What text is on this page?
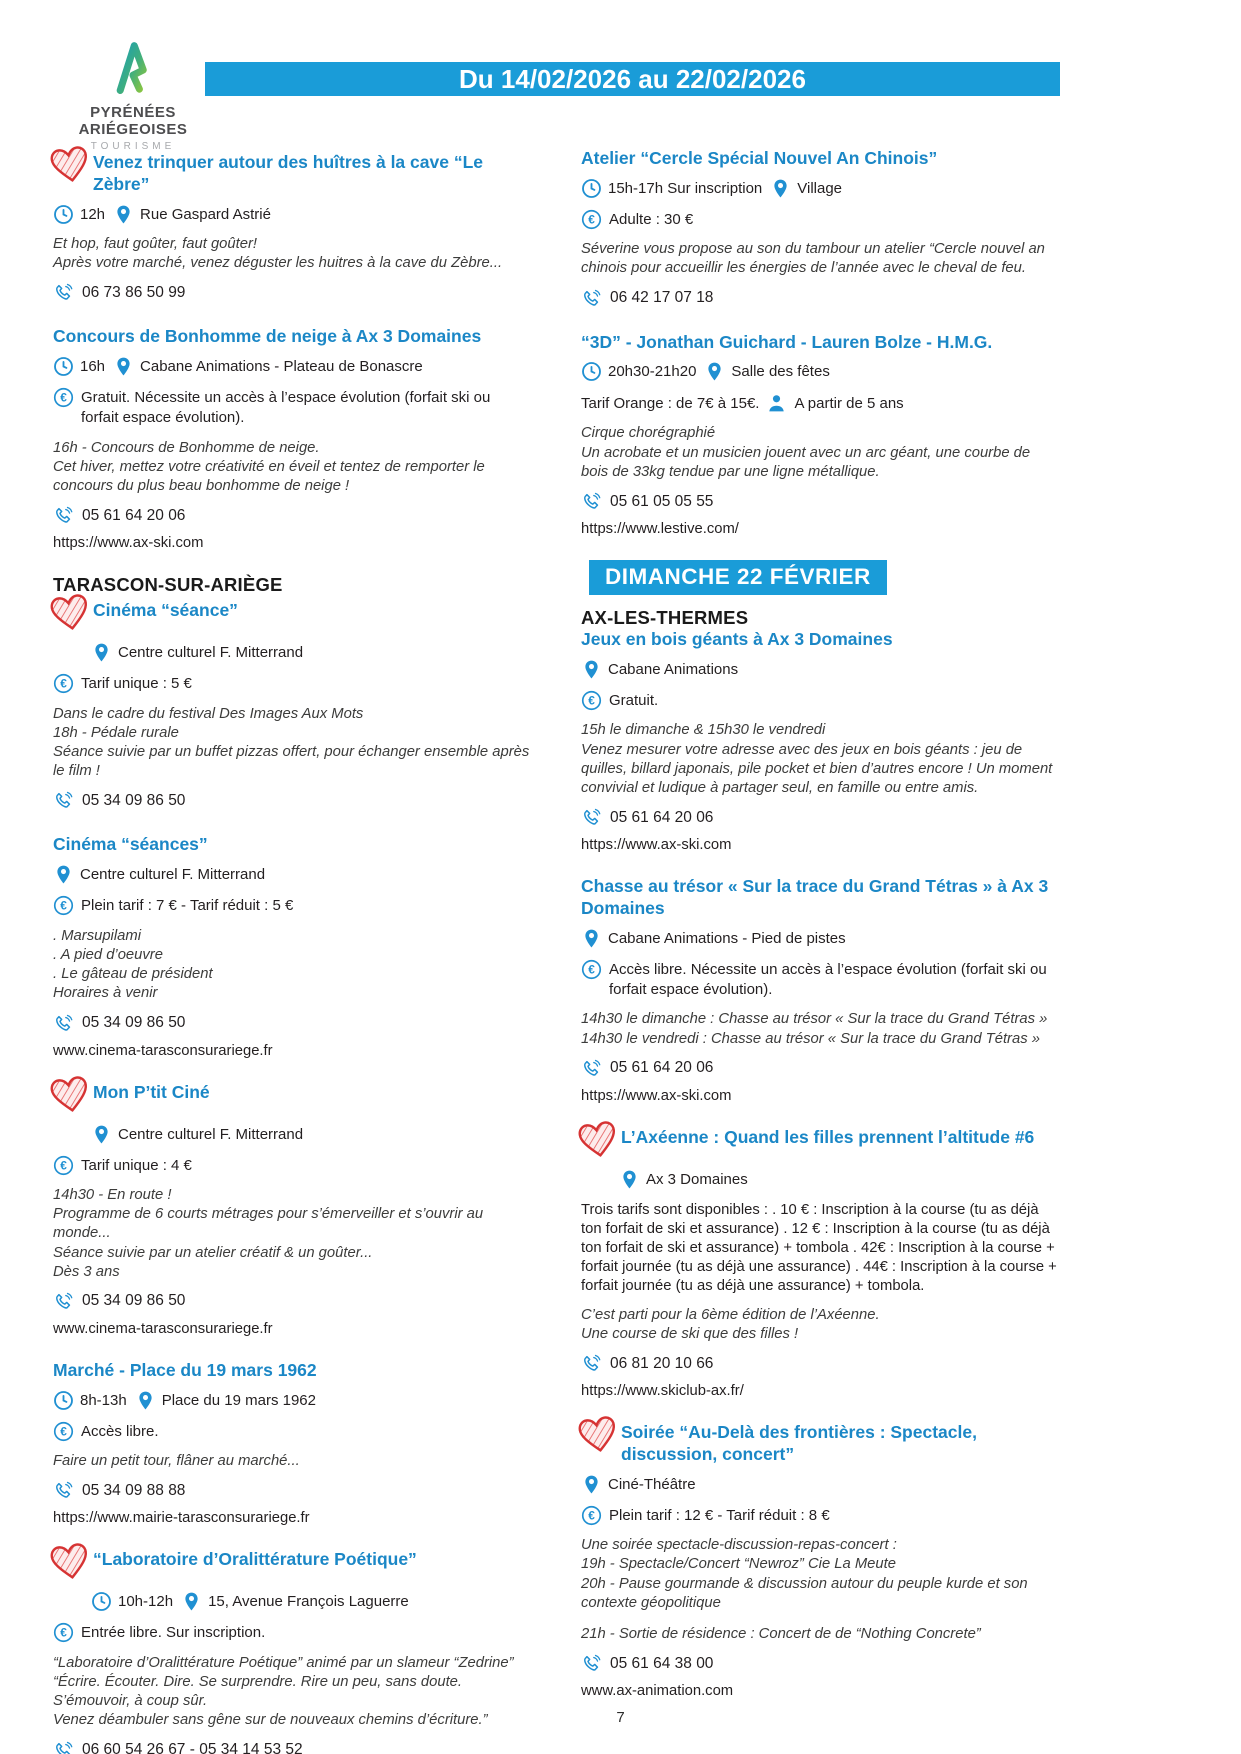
PYRÉNÉES
ARIÉGEOISES
TOURISME
Du 14/02/2026 au 22/02/2026
Venez trinquer autour des huîtres à la cave “Le Zèbre”
12h Rue Gaspard Astrié

Et hop, faut goûter, faut goûter!

Après votre marché, venez déguster les huitres à la cave du Zèbre...

06 73 86 50 99
Concours de Bonhomme de neige à Ax 3 Domaines
16h Cabane Animations - Plateau de Bonascre
€ Gratuit. Nécessite un accès à l’espace évolution (forfait ski ou forfait espace évolution).

16h - Concours de Bonhomme de neige.

Cet hiver, mettez votre créativité en éveil et tentez de remporter le concours du plus beau bonhomme de neige !

05 61 64 20 06
https://www.ax-ski.com
TARASCON-SUR-ARIÈGE
Cinéma “séance”
Centre culturel F. Mitterrand
€ Tarif unique : 5 €

Dans le cadre du festival Des Images Aux Mots

18h - Pédale rurale

Séance suivie par un buffet pizzas offert, pour échanger ensemble après le film !

05 34 09 86 50
Cinéma “séances”
Centre culturel F. Mitterrand
€ Plein tarif : 7 € - Tarif réduit : 5 €

. Marsupilami

. A pied d’oeuvre

. Le gâteau de président

Horaires à venir

05 34 09 86 50
www.cinema-tarasconsurariege.fr
Mon P’tit Ciné
Centre culturel F. Mitterrand
€ Tarif unique : 4 €

14h30 - En route !

Programme de 6 courts métrages pour s’émerveiller et s’ouvrir au monde...

Séance suivie par un atelier créatif & un goûter...

Dès 3 ans

05 34 09 86 50
www.cinema-tarasconsurariege.fr
Marché - Place du 19 mars 1962
8h-13h Place du 19 mars 1962
€ Accès libre.

Faire un petit tour, flâner au marché...

05 34 09 88 88
https://www.mairie-tarasconsurariege.fr
“Laboratoire d’Oralittérature Poétique”
10h-12h 15, Avenue François Laguerre
€ Entrée libre. Sur inscription.

“Laboratoire d’Oralittérature Poétique” animé par un slameur “Zedrine”

“Écrire. Écouter. Dire. Se surprendre. Rire un peu, sans doute. S’émouvoir, à coup sûr.

Venez déambuler sans gêne sur de nouveaux chemins d’écriture.”

06 60 54 26 67 - 05 34 14 53 52
Atelier “Cercle Spécial Nouvel An Chinois”
15h-17h Sur inscription Village
€ Adulte : 30 €

Séverine vous propose au son du tambour un atelier “Cercle nouvel an chinois pour accueillir les énergies de l’année avec le cheval de feu.

06 42 17 07 18
“3D” - Jonathan Guichard - Lauren Bolze - H.M.G.
20h30-21h20 Salle des fêtes
Tarif Orange : de 7€ à 15€. A partir de 5 ans

Cirque chorégraphié

Un acrobate et un musicien jouent avec un arc géant, une courbe de bois de 33kg tendue par une ligne métallique.

05 61 05 05 55
https://www.lestive.com/
DIMANCHE 22 FÉVRIER
AX-LES-THERMES
Jeux en bois géants à Ax 3 Domaines
Cabane Animations
€ Gratuit.

15h le dimanche & 15h30 le vendredi

Venez mesurer votre adresse avec des jeux en bois géants : jeu de quilles, billard japonais, pile pocket et bien d’autres encore ! Un moment convivial et ludique à partager seul, en famille ou entre amis.

05 61 64 20 06
https://www.ax-ski.com
Chasse au trésor « Sur la trace du Grand Tétras » à Ax 3 Domaines
Cabane Animations - Pied de pistes
€ Accès libre. Nécessite un accès à l’espace évolution (forfait ski ou forfait espace évolution).

14h30 le dimanche : Chasse au trésor « Sur la trace du Grand Tétras »

14h30 le vendredi : Chasse au trésor « Sur la trace du Grand Tétras »

05 61 64 20 06
https://www.ax-ski.com
L’Axéenne : Quand les filles prennent l’altitude #6
Ax 3 Domaines

Trois tarifs sont disponibles : . 10 € : Inscription à la course (tu as déjà ton forfait de ski et assurance) . 12 € : Inscription à la course (tu as déjà ton forfait de ski et assurance) + tombola . 42€ : Inscription à la course + forfait journée (tu as déjà une assurance) . 44€ : Inscription à la course + forfait journée (tu as déjà une assurance) + tombola.

C’est parti pour la 6ème édition de l’Axéenne.

Une course de ski que des filles !

06 81 20 10 66
https://www.skiclub-ax.fr/
Soirée “Au-Delà des frontières : Spectacle, discussion, concert”
Ciné-Théâtre
€ Plein tarif : 12 € - Tarif réduit : 8 €

Une soirée spectacle-discussion-repas-concert :

19h - Spectacle/Concert “Newroz” Cie La Meute

20h - Pause gourmande & discussion autour du peuple kurde et son contexte géopolitique

21h - Sortie de résidence : Concert de de “Nothing Concrete”

05 61 64 38 00
www.ax-animation.com
7
